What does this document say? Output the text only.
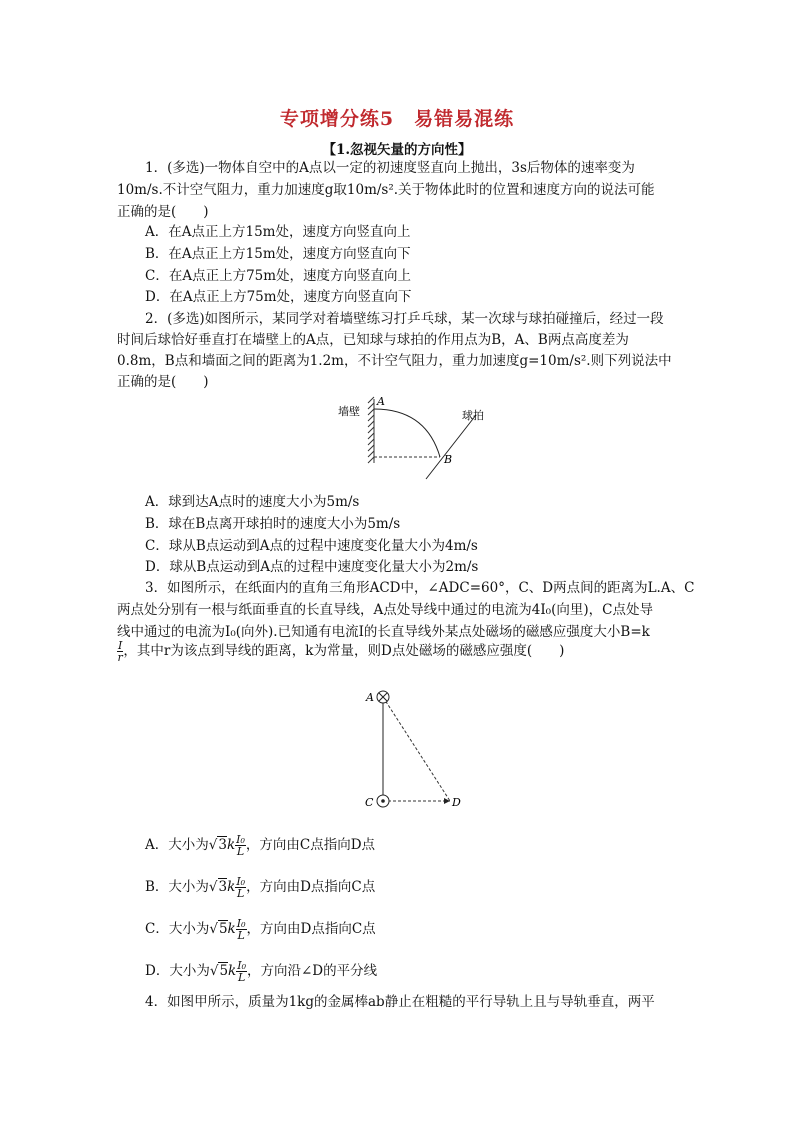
专项增分练5　易错易混练
【1.忽视矢量的方向性】
1．(多选)一物体自空中的A点以一定的初速度竖直向上抛出，3s后物体的速率变为
10m/s.不计空气阻力，重力加速度g取10m/s².关于物体此时的位置和速度方向的说法可能
正确的是(　　)
A．在A点正上方15m处，速度方向竖直向上
B．在A点正上方15m处，速度方向竖直向下
C．在A点正上方75m处，速度方向竖直向上
D．在A点正上方75m处，速度方向竖直向下
2．(多选)如图所示，某同学对着墙壁练习打乒乓球，某一次球与球拍碰撞后，经过一段
时间后球恰好垂直打在墙壁上的A点，已知球与球拍的作用点为B，A、B两点高度差为
0.8m，B点和墙面之间的距离为1.2m，不计空气阻力，重力加速度g=10m/s².则下列说法中
正确的是(　　)
墙壁
A
B
球拍
A．球到达A点时的速度大小为5m/s
B．球在B点离开球拍时的速度大小为5m/s
C．球从B点运动到A点的过程中速度变化量大小为4m/s
D．球从B点运动到A点的过程中速度变化量大小为2m/s
3．如图所示，在纸面内的直角三角形ACD中，∠ADC=60°，C、D两点间的距离为L.A、C
两点处分别有一根与纸面垂直的长直导线，A点处导线中通过的电流为4I₀(向里)，C点处导
线中通过的电流为I₀(向外).已知通有电流I的长直导线外某点处磁场的磁感应强度大小B=k
$\frac{I}{r}$ ，其中r为该点到导线的距离，k为常量，则D点处磁场的磁感应强度(　　)
A
C	D
A．大小为$√3k \frac{\text{I₀}}{L}$ ，方向由C点指向D点
B．大小为$√3k \frac{\text{I₀}}{L}$ ，方向由D点指向C点
C．大小为$√5k \frac{\text{I₀}}{L}$ ，方向由D点指向C点
D．大小为$√5k \frac{\text{I₀}}{L}$ ，方向沿∠D的平分线
4．如图甲所示，质量为1kg的金属棒ab静止在粗糙的平行导轨上且与导轨垂直，两平
